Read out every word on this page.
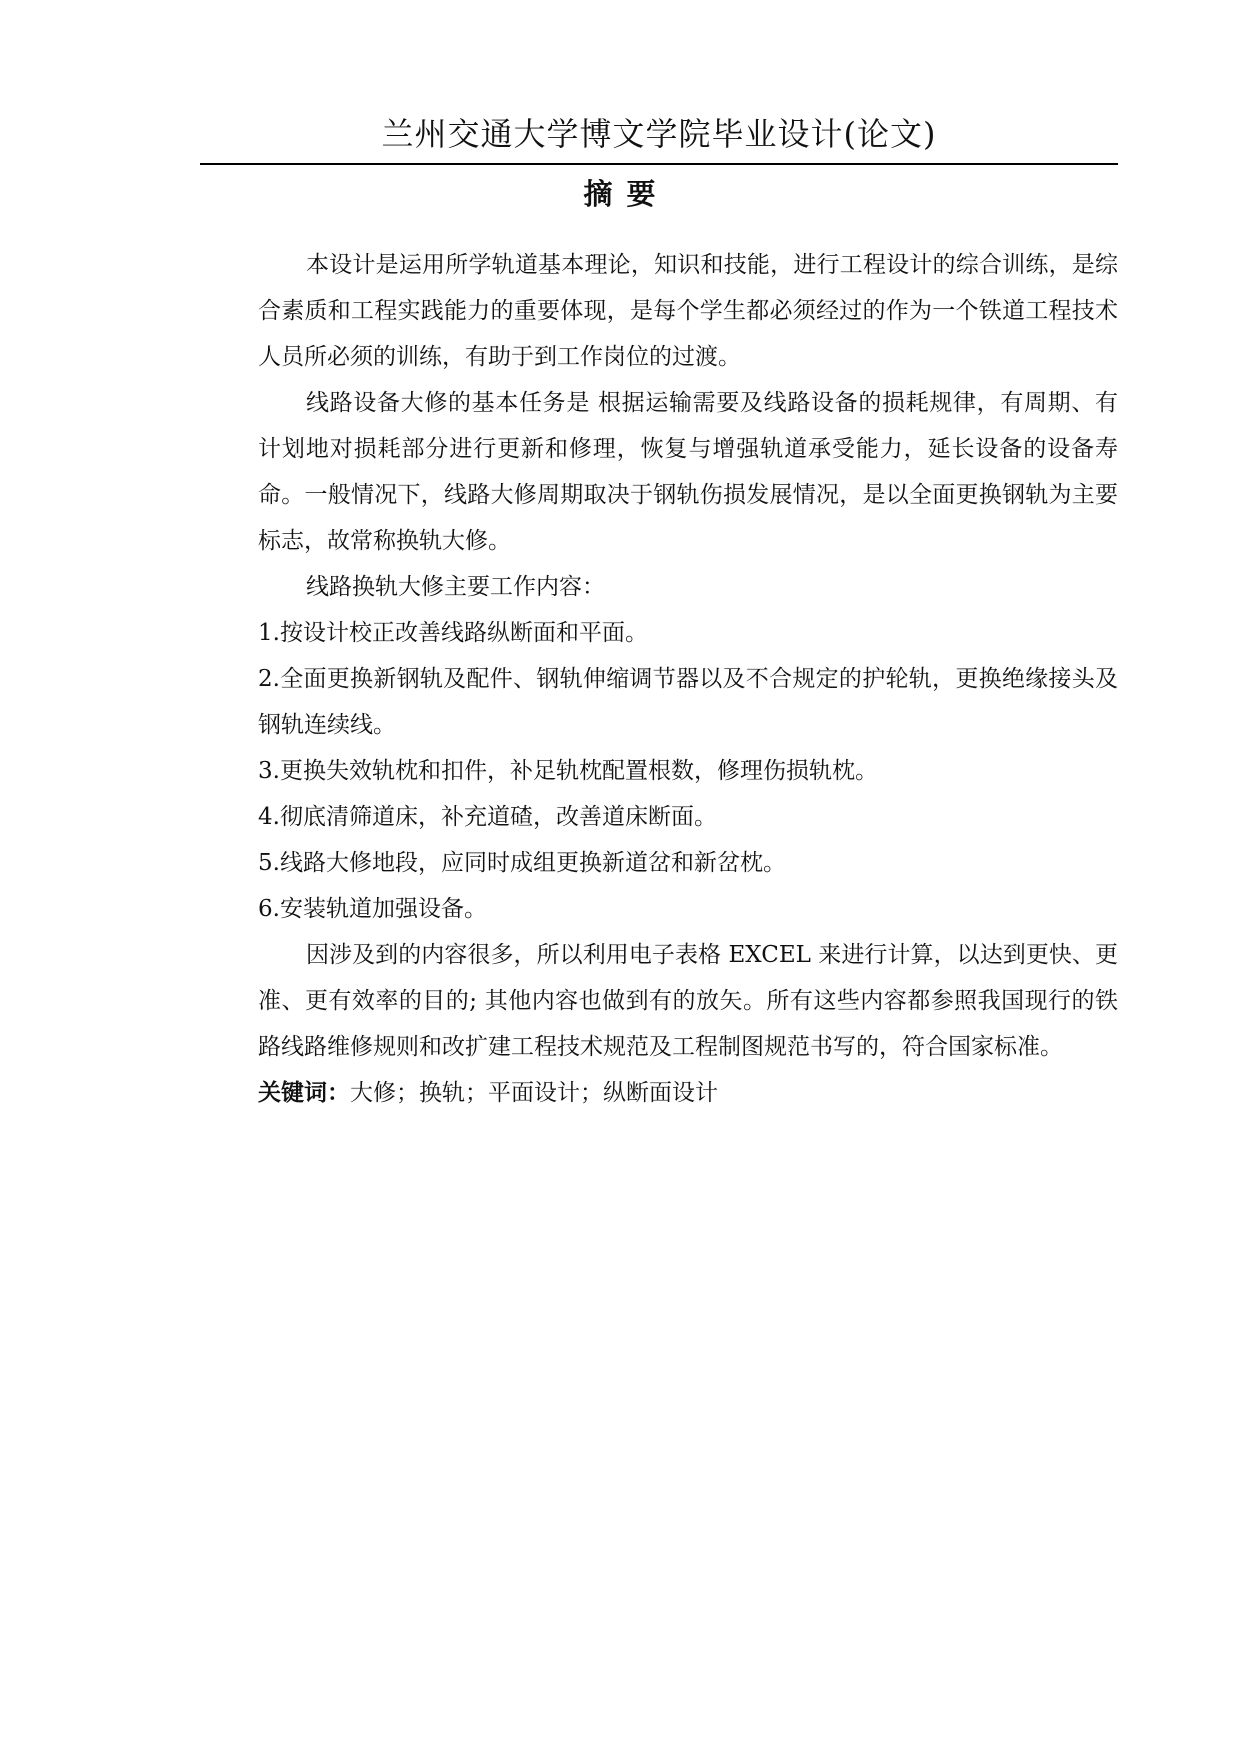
兰州交通大学博文学院毕业设计(论文)
摘 要

本设计是运用所学轨道基本理论，知识和技能，进行工程设计的综合训练，是综合素质和工程实践能力的重要体现，是每个学生都必须经过的作为一个铁道工程技术人员所必须的训练，有助于到工作岗位的过渡。

线路设备大修的基本任务是 根据运输需要及线路设备的损耗规律，有周期、有计划地对损耗部分进行更新和修理，恢复与增强轨道承受能力，延长设备的设备寿命。一般情况下，线路大修周期取决于钢轨伤损发展情况，是以全面更换钢轨为主要标志，故常称换轨大修。

线路换轨大修主要工作内容：

1.按设计校正改善线路纵断面和平面。

2.全面更换新钢轨及配件、钢轨伸缩调节器以及不合规定的护轮轨，更换绝缘接头及钢轨连续线。

3.更换失效轨枕和扣件，补足轨枕配置根数，修理伤损轨枕。

4.彻底清筛道床，补充道碴，改善道床断面。

5.线路大修地段，应同时成组更换新道岔和新岔枕。

6.安装轨道加强设备。

因涉及到的内容很多，所以利用电子表格 EXCEL 来进行计算，以达到更快、更准、更有效率的目的; 其他内容也做到有的放矢。所有这些内容都参照我国现行的铁路线路维修规则和改扩建工程技术规范及工程制图规范书写的，符合国家标准。

关键词：大修；换轨；平面设计；纵断面设计
